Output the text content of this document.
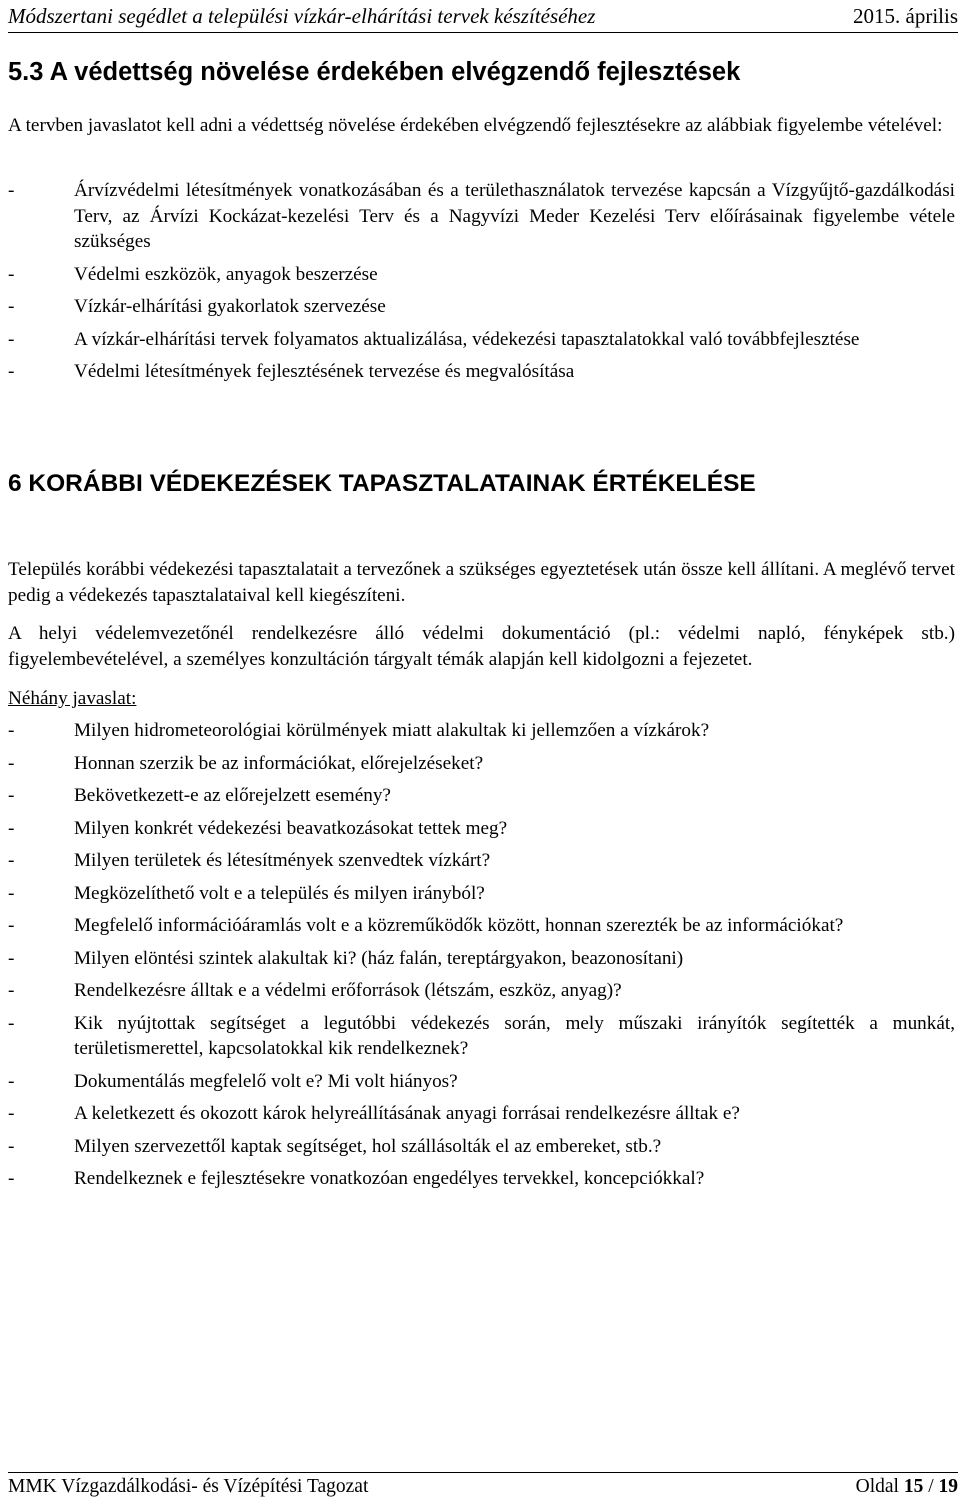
Módszertani segédlet a települési vízkár-elhárítási tervek készítéséhez	2015. április
5.3 A védettség növelése érdekében elvégzendő fejlesztések

A tervben javaslatot kell adni a védettség növelése érdekében elvégzendő fejlesztésekre az alábbiak figyelembe vételével:

-	Árvízvédelmi létesítmények vonatkozásában és a területhasználatok tervezése kapcsán a Vízgyűjtő-gazdálkodási Terv, az Árvízi Kockázat-kezelési Terv és a Nagyvízi Meder Kezelési Terv előírásainak figyelembe vétele szükséges
-	Védelmi eszközök, anyagok beszerzése
-	Vízkár-elhárítási gyakorlatok szervezése
-	A vízkár-elhárítási tervek folyamatos aktualizálása, védekezési tapasztalatokkal való továbbfejlesztése
-	Védelmi létesítmények fejlesztésének tervezése és megvalósítása
6 KORÁBBI VÉDEKEZÉSEK TAPASZTALATAINAK ÉRTÉKELÉSE

Település korábbi védekezési tapasztalatait a tervezőnek a szükséges egyeztetések után össze kell állítani. A meglévő tervet pedig a védekezés tapasztalataival kell kiegészíteni.

A helyi védelemvezetőnél rendelkezésre álló védelmi dokumentáció (pl.: védelmi napló, fényképek stb.) figyelembevételével, a személyes konzultáción tárgyalt témák alapján kell kidolgozni a fejezetet.

Néhány javaslat:
-	Milyen hidrometeorológiai körülmények miatt alakultak ki jellemzően a vízkárok?
-	Honnan szerzik be az információkat, előrejelzéseket?
-	Bekövetkezett-e az előrejelzett esemény?
-	Milyen konkrét védekezési beavatkozásokat tettek meg?
-	Milyen területek és létesítmények szenvedtek vízkárt?
-	Megközelíthető volt e a település és milyen irányból?
-	Megfelelő információáramlás volt e a közreműködők között, honnan szerezték be az információkat?
-	Milyen elöntési szintek alakultak ki? (ház falán, tereptárgyakon, beazonosítani)
-	Rendelkezésre álltak e a védelmi erőforrások (létszám, eszköz, anyag)?
-	Kik nyújtottak segítséget a legutóbbi védekezés során, mely műszaki irányítók segítették a munkát, területismerettel, kapcsolatokkal kik rendelkeznek?
-	Dokumentálás megfelelő volt e? Mi volt hiányos?
-	A keletkezett és okozott károk helyreállításának anyagi forrásai rendelkezésre álltak e?
-	Milyen szervezettől kaptak segítséget, hol szállásolták el az embereket, stb.?
-	Rendelkeznek e fejlesztésekre vonatkozóan engedélyes tervekkel, koncepciókkal?
MMK Vízgazdálkodási- és Vízépítési Tagozat	Oldal 15 / 19
